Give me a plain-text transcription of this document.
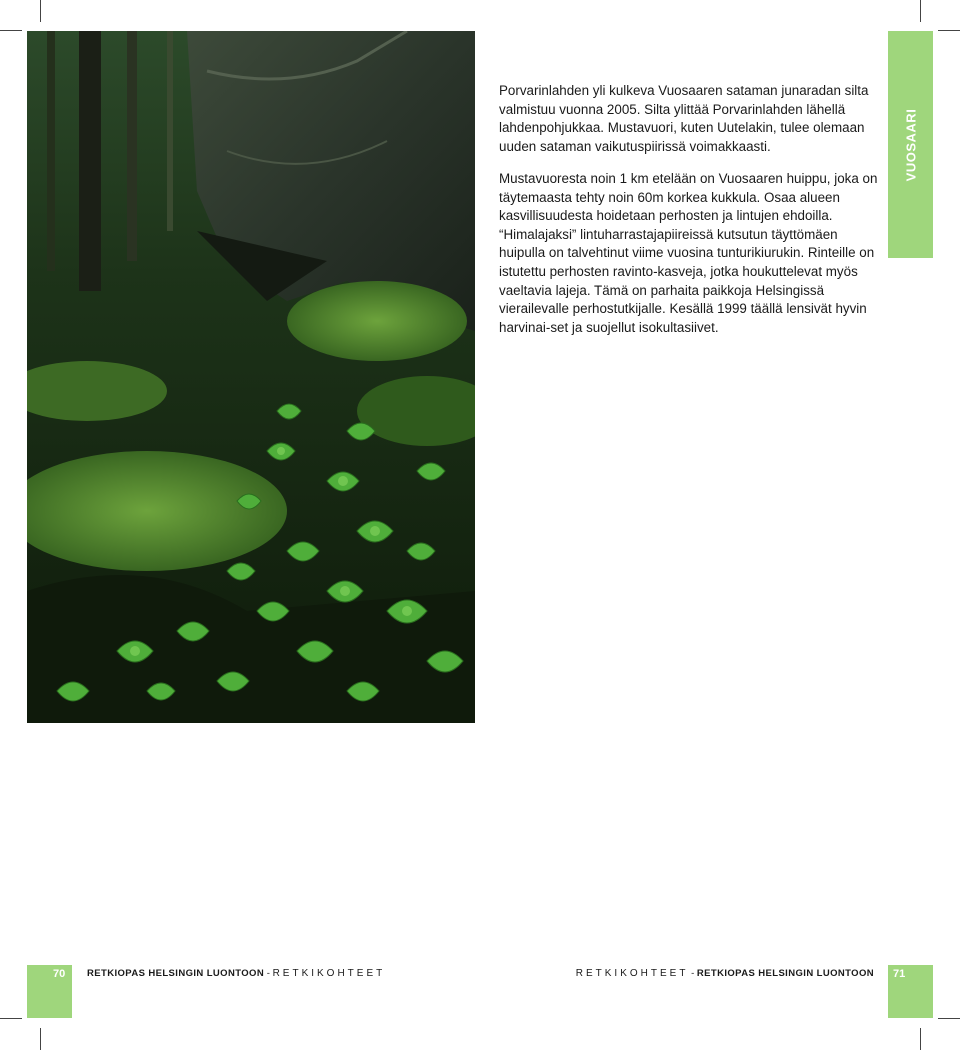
VUOSAARI

Porvarinlahden yli kulkeva Vuosaaren sataman junaradan silta valmistuu vuonna 2005. Silta ylittää Porvarinlahden lähellä lahdenpohjukkaa. Mustavuori, kuten Uutelakin, tulee olemaan uuden sataman vaikutuspiirissä voimakkaasti.

Mustavuoresta noin 1 km etelään on Vuosaaren huippu, joka on täytemaasta tehty noin 60m korkea kukkula. Osaa alueen kasvillisuudesta hoidetaan perhosten ja lintujen ehdoilla. “Himalajaksi” lintuharrastajapiireissä kutsutun täyttömäen huipulla on talvehtinut viime vuosina tunturikiurukin. Rinteille on istutettu perhosten ravinto-kasveja, jotka houkuttelevat myös vaeltavia lajeja. Tämä on parhaita paikkoja Helsingissä vierailevalle perhostutkijalle. Kesällä 1999 täällä lensivät hyvin harvinai-set ja suojellut isokultasiivet.

70 RETKIOPAS HELSINGIN LUONTOON - RETKIKOHTEET	RETKIKOHTEET - RETKIOPAS HELSINGIN LUONTOON 71
